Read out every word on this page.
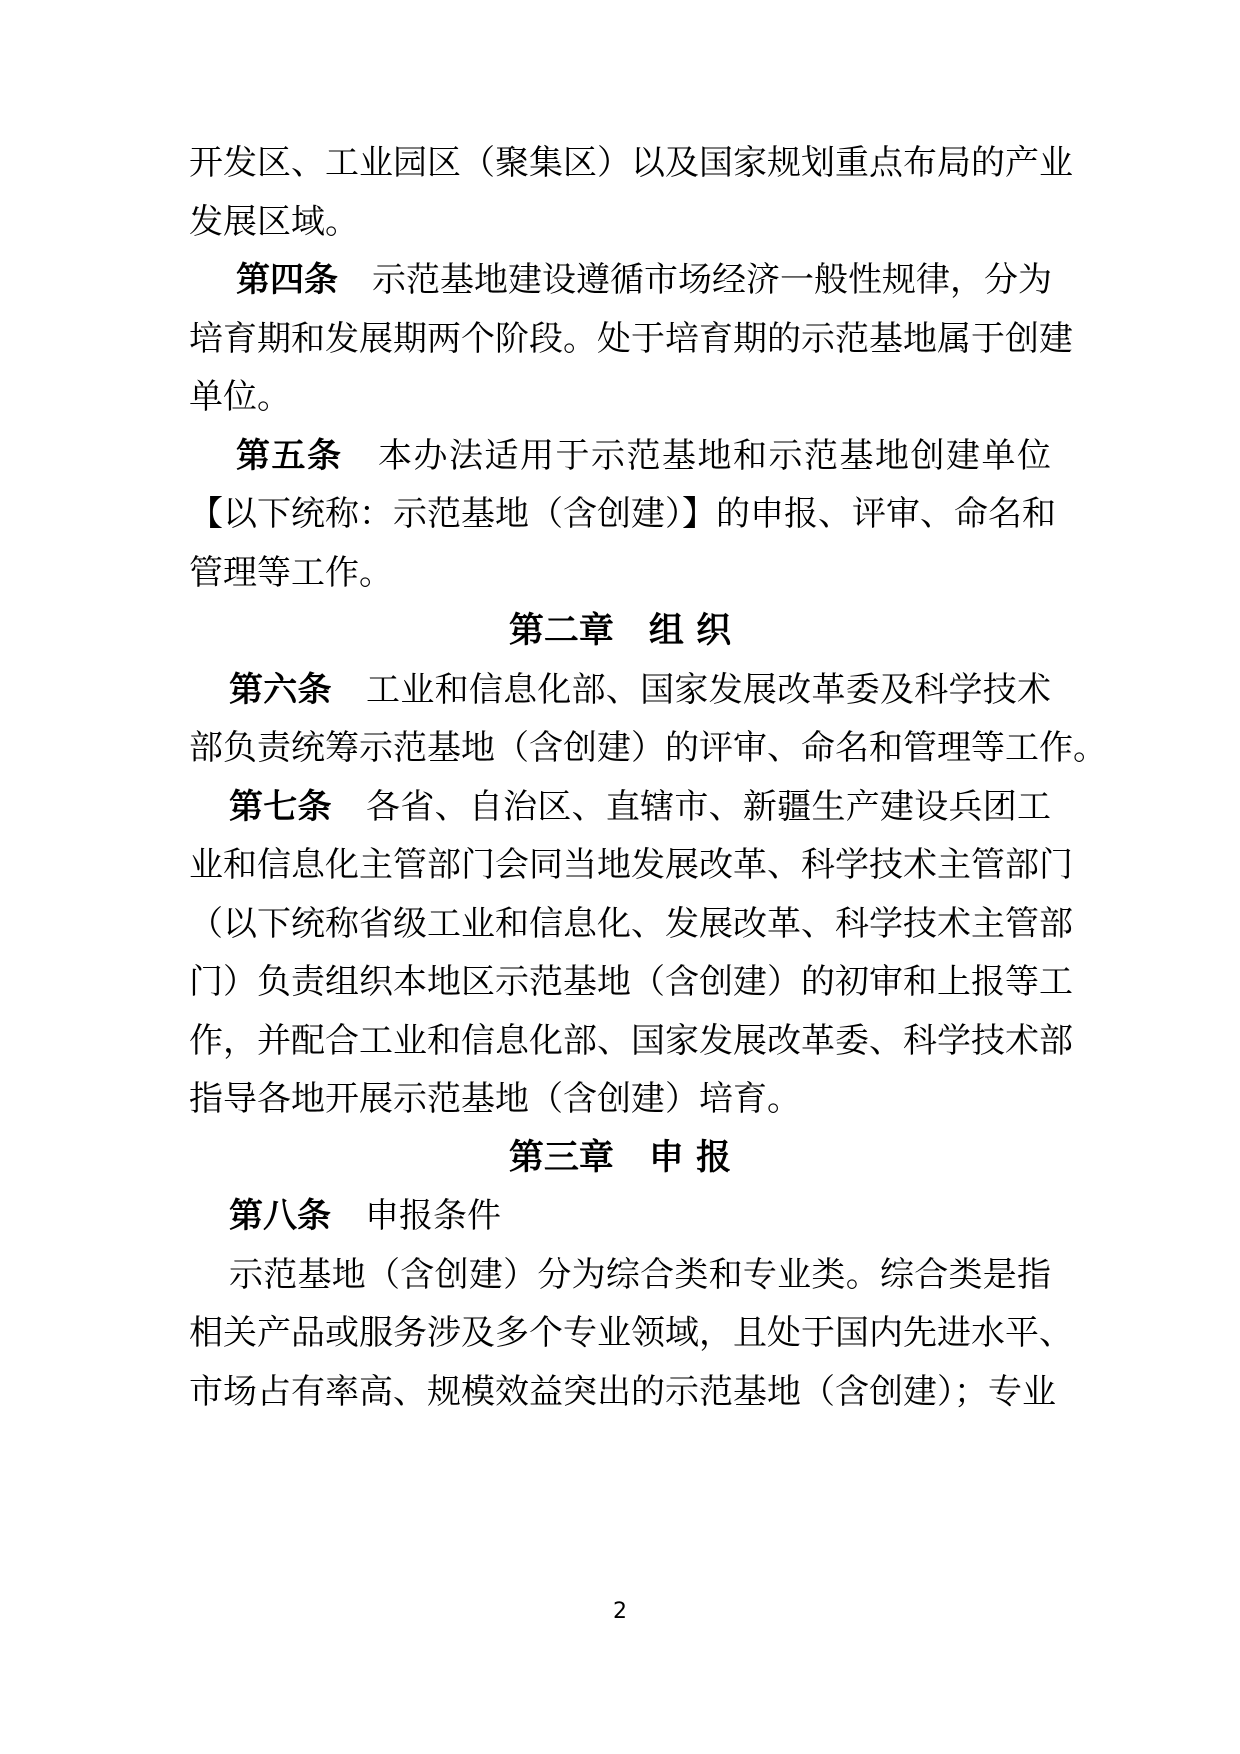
开发区、工业园区（聚集区）以及国家规划重点布局的产业
发展区域。
第四条 示范基地建设遵循市场经济一般性规律，分为
培育期和发展期两个阶段。处于培育期的示范基地属于创建
单位。
第五条 本办法适用于示范基地和示范基地创建单位
【以下统称：示范基地（含创建）】的申报、评审、命名和
管理等工作。
第二章　组 织
第六条 工业和信息化部、国家发展改革委及科学技术
部负责统筹示范基地（含创建）的评审、命名和管理等工作。
第七条 各省、自治区、直辖市、新疆生产建设兵团工
业和信息化主管部门会同当地发展改革、科学技术主管部门
（以下统称省级工业和信息化、发展改革、科学技术主管部
门）负责组织本地区示范基地（含创建）的初审和上报等工
作，并配合工业和信息化部、国家发展改革委、科学技术部
指导各地开展示范基地（含创建）培育。
第三章　申 报
第八条 申报条件
示范基地（含创建）分为综合类和专业类。综合类是指
相关产品或服务涉及多个专业领域，且处于国内先进水平、
市场占有率高、规模效益突出的示范基地（含创建）；专业
2
